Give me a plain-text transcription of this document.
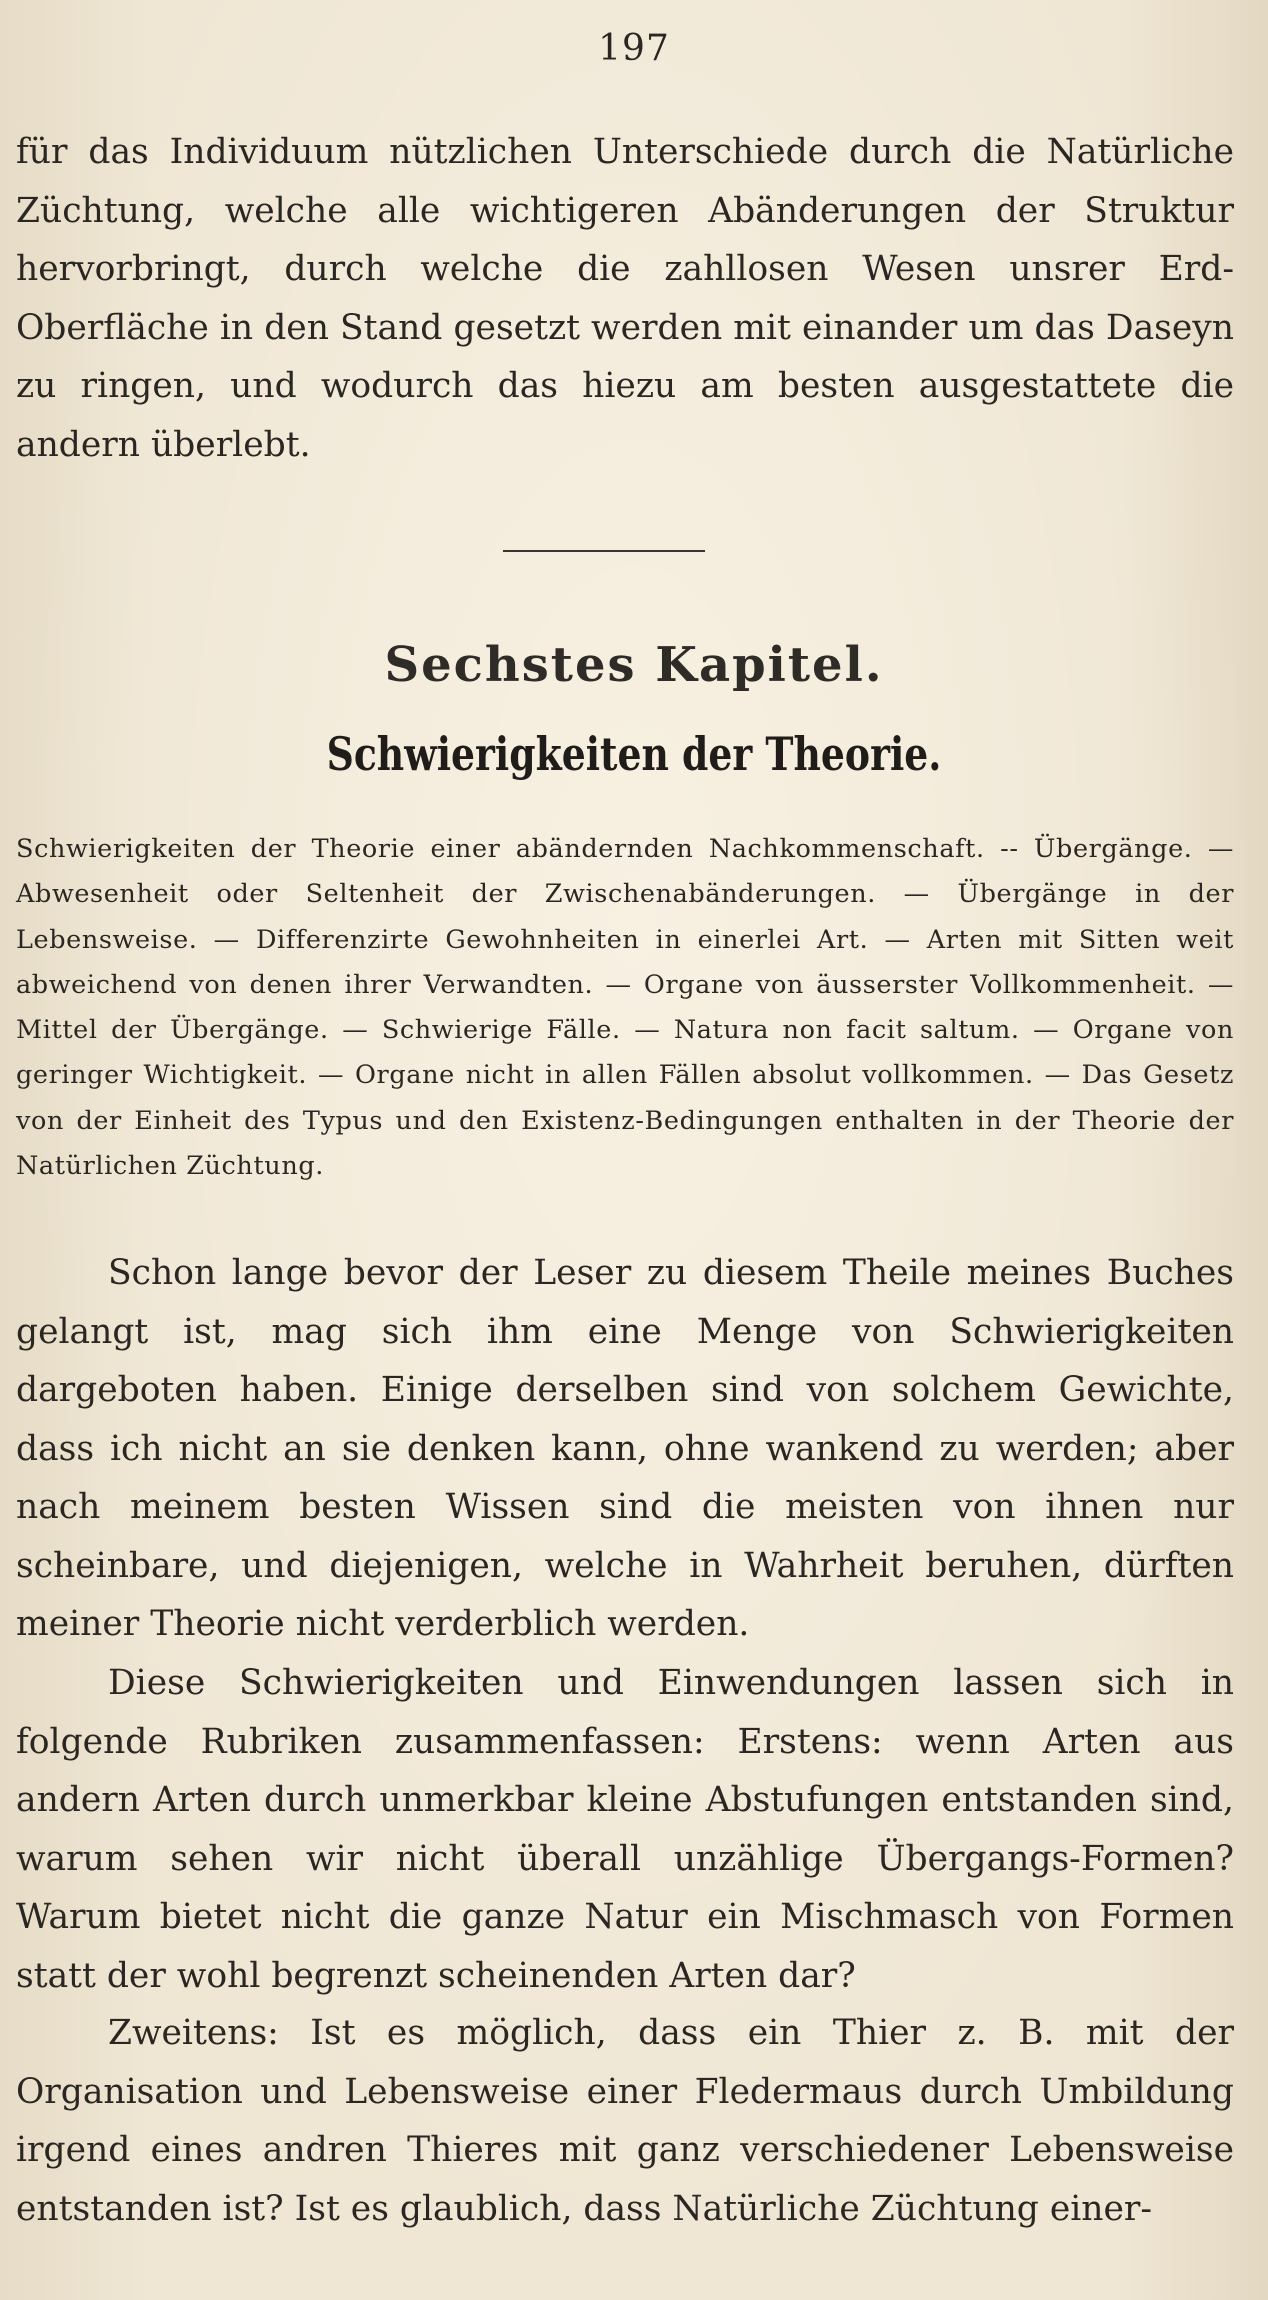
197

für das Individuum nützlichen Unterschiede durch die Natürliche Züchtung, welche alle wichtigeren Abänderungen der Struktur hervorbringt, durch welche die zahllosen Wesen unsrer Erd-Oberfläche in den Stand gesetzt werden mit einander um das Daseyn zu ringen, und wodurch das hiezu am besten ausgestattete die andern überlebt.

Sechstes Kapitel.
Schwierigkeiten der Theorie.

Schwierigkeiten der Theorie einer abändernden Nachkommenschaft. -- Übergänge. — Abwesenheit oder Seltenheit der Zwischenabänderungen. — Übergänge in der Lebensweise. — Differenzirte Gewohnheiten in einerlei Art. — Arten mit Sitten weit abweichend von denen ihrer Verwandten. — Organe von äusserster Vollkommenheit. — Mittel der Übergänge. — Schwierige Fälle. — Natura non facit saltum. — Organe von geringer Wichtigkeit. — Organe nicht in allen Fällen absolut vollkommen. — Das Gesetz von der Einheit des Typus und den Existenz-Bedingungen enthalten in der Theorie der Natürlichen Züchtung.

Schon lange bevor der Leser zu diesem Theile meines Buches gelangt ist, mag sich ihm eine Menge von Schwierigkeiten dargeboten haben. Einige derselben sind von solchem Gewichte, dass ich nicht an sie denken kann, ohne wankend zu werden; aber nach meinem besten Wissen sind die meisten von ihnen nur scheinbare, und diejenigen, welche in Wahrheit beruhen, dürften meiner Theorie nicht verderblich werden.

Diese Schwierigkeiten und Einwendungen lassen sich in folgende Rubriken zusammenfassen: Erstens: wenn Arten aus andern Arten durch unmerkbar kleine Abstufungen entstanden sind, warum sehen wir nicht überall unzählige Übergangs-Formen? Warum bietet nicht die ganze Natur ein Mischmasch von Formen statt der wohl begrenzt scheinenden Arten dar?

Zweitens: Ist es möglich, dass ein Thier z. B. mit der Organisation und Lebensweise einer Fledermaus durch Umbildung irgend eines andren Thieres mit ganz verschiedener Lebensweise entstanden ist? Ist es glaublich, dass Natürliche Züchtung einer-
